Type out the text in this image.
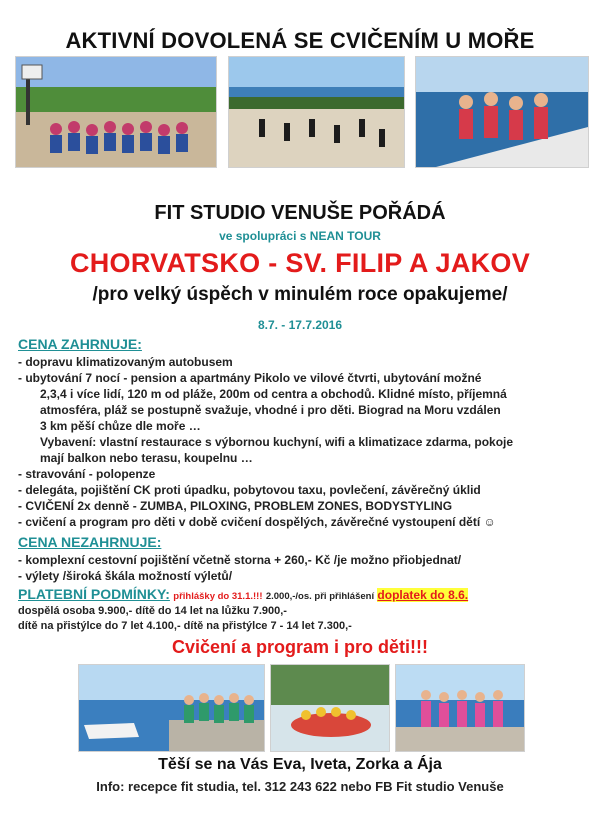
AKTIVNÍ DOVOLENÁ SE CVIČENÍM U MOŘE
FIT STUDIO VENUŠE POŘÁDÁ
ve spolupráci s NEAN TOUR
CHORVATSKO - SV. FILIP A JAKOV
/pro velký úspěch v minulém roce opakujeme/
8.7. - 17.7.2016
CENA ZAHRNUJE:
- dopravu klimatizovaným autobusem
- ubytování 7 nocí - pension a apartmány Pikolo ve vilové čtvrti, ubytování možné
2,3,4 i více lidí, 120 m od pláže, 200m od centra a obchodů. Klidné místo, příjemná
atmosféra, pláž se postupně svažuje, vhodné i pro děti. Biograd na Moru vzdálen
3 km pěší chůze dle moře …
Vybavení: vlastní restaurace s výbornou kuchyní, wifi a klimatizace zdarma, pokoje
mají balkon nebo terasu, koupelnu …
- stravování - polopenze
- delegáta, pojištění CK proti úpadku, pobytovou taxu, povlečení, závěrečný úklid
- CVIČENÍ 2x denně - ZUMBA, PILOXING, PROBLEM ZONES, BODYSTYLING
- cvičení a program pro děti v době cvičení dospělých, závěrečné vystoupení dětí ☺
CENA NEZAHRNUJE:
- komplexní cestovní pojištění včetně storna + 260,- Kč /je možno přiobjednat/
- výlety /široká škála možností výletů/
PLATEBNÍ PODMÍNKY: přihlášky do 31.1.!!! 2.000,-/os. při přihlášení doplatek do 8.6.
dospělá osoba 9.900,- dítě do 14 let na lůžku 7.900,-
dítě na přistýlce do 7 let 4.100,- dítě na přistýlce 7 - 14 let 7.300,-
Cvičení a program i pro děti!!!
Těší se na Vás Eva, Iveta, Zorka a Ája
Info: recepce fit studia, tel. 312 243 622 nebo FB Fit studio Venuše
